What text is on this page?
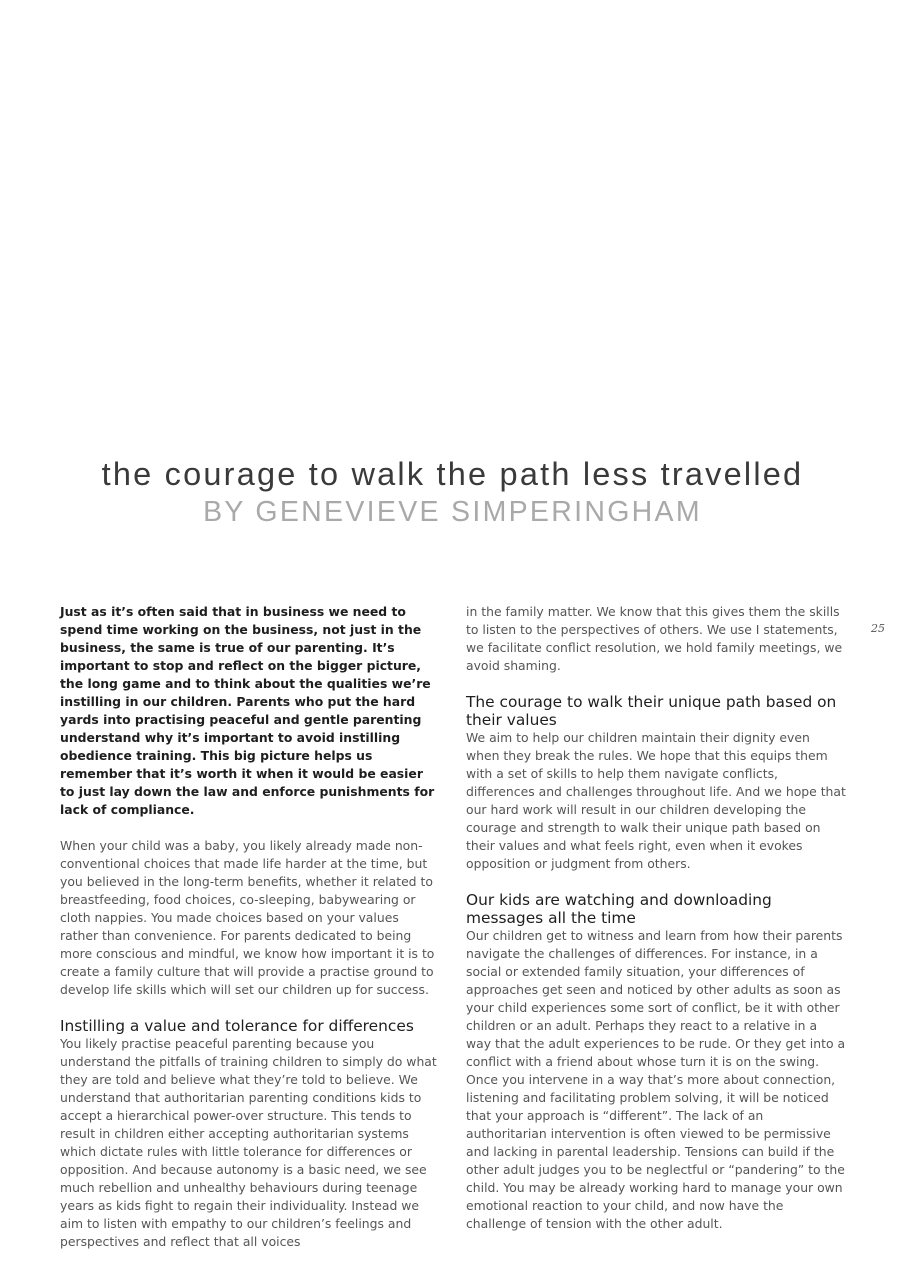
the courage to walk the path less travelled
BY GENEVIEVE SIMPERINGHAM

Just as it’s often said that in business we need to spend time working on the business, not just in the business, the same is true of our parenting. It’s important to stop and reflect on the bigger picture, the long game and to think about the qualities we’re instilling in our children. Parents who put the hard yards into practising peaceful and gentle parenting understand why it’s important to avoid instilling obedience training. This big picture helps us remember that it’s worth it when it would be easier to just lay down the law and enforce punishments for lack of compliance.

When your child was a baby, you likely already made non-conventional choices that made life harder at the time, but you believed in the long-term benefits, whether it related to breastfeeding, food choices, co-sleeping, babywearing or cloth nappies. You made choices based on your values rather than convenience. For parents dedicated to being more conscious and mindful, we know how important it is to create a family culture that will provide a practise ground to develop life skills which will set our children up for success.

Instilling a value and tolerance for differences

You likely practise peaceful parenting because you understand the pitfalls of training children to simply do what they are told and believe what they’re told to believe. We understand that authoritarian parenting conditions kids to accept a hierarchical power-over structure. This tends to result in children either accepting authoritarian systems which dictate rules with little tolerance for differences or opposition. And because autonomy is a basic need, we see much rebellion and unhealthy behaviours during teenage years as kids fight to regain their individuality. Instead we aim to listen with empathy to our children’s feelings and perspectives and reflect that all voices

in the family matter. We know that this gives them the skills to listen to the perspectives of others. We use I statements, we facilitate conflict resolution, we hold family meetings, we avoid shaming.

The courage to walk their unique path based on their values

We aim to help our children maintain their dignity even when they break the rules. We hope that this equips them with a set of skills to help them navigate conflicts, differences and challenges throughout life. And we hope that our hard work will result in our children developing the courage and strength to walk their unique path based on their values and what feels right, even when it evokes opposition or judgment from others.

Our kids are watching and downloading messages all the time

Our children get to witness and learn from how their parents navigate the challenges of differences. For instance, in a social or extended family situation, your differences of approaches get seen and noticed by other adults as soon as your child experiences some sort of conflict, be it with other children or an adult. Perhaps they react to a relative in a way that the adult experiences to be rude. Or they get into a conflict with a friend about whose turn it is on the swing. Once you intervene in a way that’s more about connection, listening and facilitating problem solving, it will be noticed that your approach is “different”. The lack of an authoritarian intervention is often viewed to be permissive and lacking in parental leadership. Tensions can build if the other adult judges you to be neglectful or “pandering” to the child. You may be already working hard to manage your own emotional reaction to your child, and now have the challenge of tension with the other adult.

25
